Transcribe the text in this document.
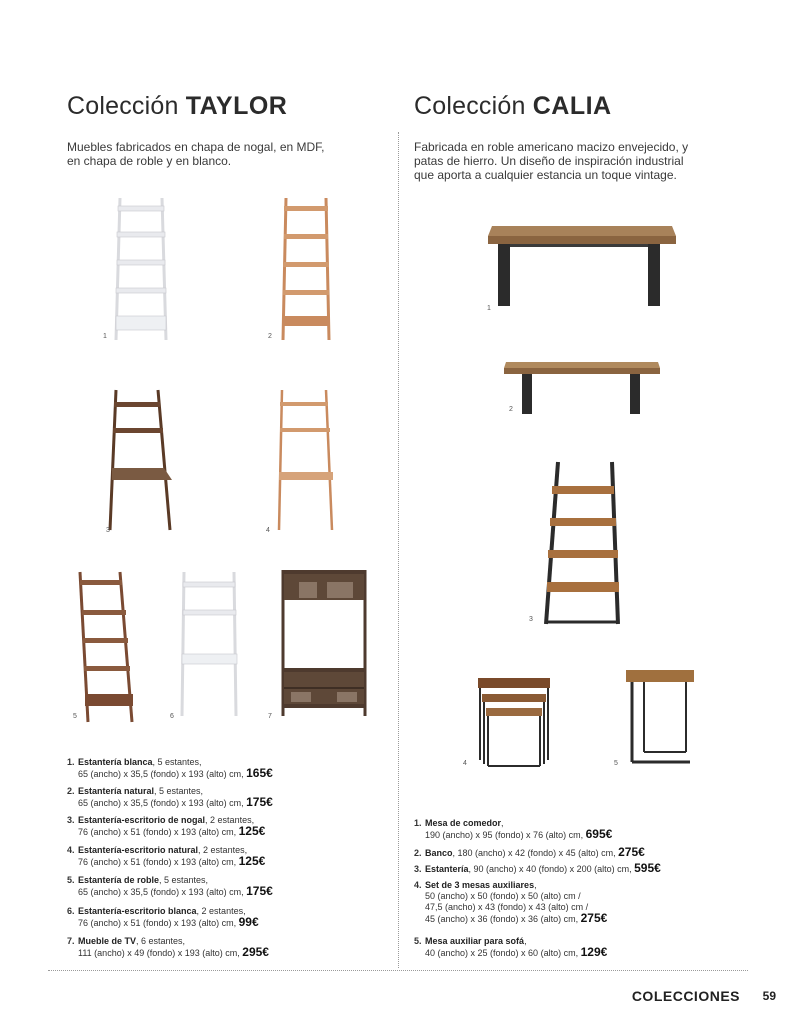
Colección TAYLOR	Colección CALIA
Muebles fabricados en chapa de nogal, en MDF,
en chapa de roble y en blanco.
Fabricada en roble americano macizo envejecido, y
patas de hierro. Un diseño de inspiración industrial
que aporta a cualquier estancia un toque vintage.
1	2
3	4
5	6	7
1. Estantería blanca, 5 estantes,
65 (ancho) x 35,5 (fondo) x 193 (alto) cm, 165€
2. Estantería natural, 5 estantes,
65 (ancho) x 35,5 (fondo) x 193 (alto) cm, 175€
3. Estantería-escritorio de nogal, 2 estantes,
76 (ancho) x 51 (fondo) x 193 (alto) cm, 125€
4. Estantería-escritorio natural, 2 estantes,
76 (ancho) x 51 (fondo) x 193 (alto) cm, 125€
5. Estantería de roble, 5 estantes,
65 (ancho) x 35,5 (fondo) x 193 (alto) cm, 175€
6. Estantería-escritorio blanca, 2 estantes,
76 (ancho) x 51 (fondo) x 193 (alto) cm, 99€
7. Mueble de TV, 6 estantes,
111 (ancho) x 49 (fondo) x 193 (alto) cm, 295€
1
2
3
4	5
1. Mesa de comedor,
190 (ancho) x 95 (fondo) x 76 (alto) cm, 695€
2. Banco, 180 (ancho) x 42 (fondo) x 45 (alto) cm, 275€
3. Estantería, 90 (ancho) x 40 (fondo) x 200 (alto) cm, 595€
4. Set de 3 mesas auxiliares,
50 (ancho) x 50 (fondo) x 50 (alto) cm /
47,5 (ancho) x 43 (fondo) x 43 (alto) cm /
45 (ancho) x 36 (fondo) x 36 (alto) cm, 275€
5. Mesa auxiliar para sofá,
40 (ancho) x 25 (fondo) x 60 (alto) cm, 129€
COLECCIONES 59
